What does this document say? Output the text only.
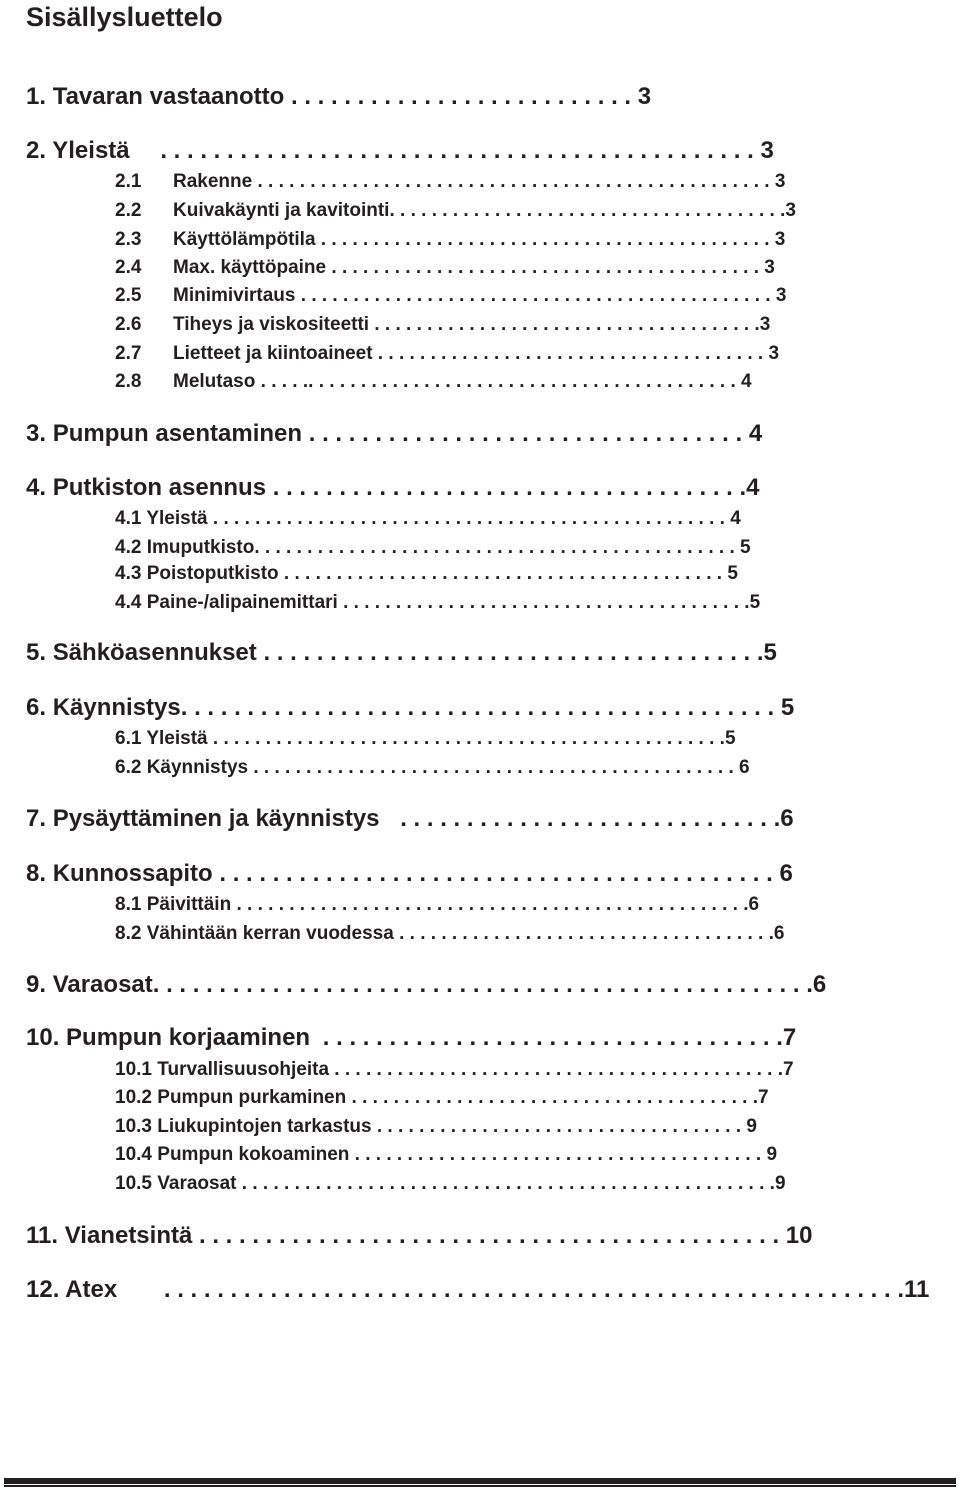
Sisällysluettelo
1. Tavaran vastaanotto . . . . . . . . . . . . . . . . . . . . . . . . . . 3
2. Yleistä . . . . . . . . . . . . . . . . . . . . . . . . . . . . . . . . . . . . . . . . . . . . . 3
2.1 Rakenne . . . . . . . . . . . . . . . . . . . . . . . . . . . . . . . . . . . . . . . . . . . . . . . . . 3
2.2 Kuivakäynti ja kavitointi. . . . . . . . . . . . . . . . . . . . . . . . . . . . . . . . . . . . . .3
2.3 Käyttölämpötila . . . . . . . . . . . . . . . . . . . . . . . . . . . . . . . . . . . . . . . . . . . 3
2.4 Max. käyttöpaine . . . . . . . . . . . . . . . . . . . . . . . . . . . . . . . . . . . . . . . . . 3
2.5 Minimivirtaus . . . . . . . . . . . . . . . . . . . . . . . . . . . . . . . . . . . . . . . . . . . . . 3
2.6 Tiheys ja viskositeetti . . . . . . . . . . . . . . . . . . . . . . . . . . . . . . . . . . . . .3
2.7 Lietteet ja kiintoaineet . . . . . . . . . . . . . . . . . . . . . . . . . . . . . . . . . . . . . 3
2.8 Melutaso . . . . .. . . . . . . . . . . . . . . . . . . . . . . . . . . . . . . . . . . . . . . . . 4
3. Pumpun asentaminen . . . . . . . . . . . . . . . . . . . . . . . . . . . . . . . . . 4
4. Putkiston asennus . . . . . . . . . . . . . . . . . . . . . . . . . . . . . . . . . . . .4
4.1 Yleistä . . . . . . . . . . . . . . . . . . . . . . . . . . . . . . . . . . . . . . . . . . . . . . . . . 4
4.2 Imuputkisto. . . . . . . . . . . . . . . . . . . . . . . . . . . . . . . . . . . . . . . . . . . . . . 5
4.3 Poistoputkisto . . . . . . . . . . . . . . . . . . . . . . . . . . . . . . . . . . . . . . . . . . 5
4.4 Paine-/alipainemittari . . . . . . . . . . . . . . . . . . . . . . . . . . . . . . . . . . . . . . .5
5. Sähköasennukset . . . . . . . . . . . . . . . . . . . . . . . . . . . . . . . . . . . . . .5
6. Käynnistys. . . . . . . . . . . . . . . . . . . . . . . . . . . . . . . . . . . . . . . . . . . . . 5
6.1 Yleistä . . . . . . . . . . . . . . . . . . . . . . . . . . . . . . . . . . . . . . . . . . . . . . . . .5
6.2 Käynnistys . . . . . . . . . . . . . . . . . . . . . . . . . . . . . . . . . . . . . . . . . . . . . . 6
7. Pysäyttäminen ja käynnistys . . . . . . . . . . . . . . . . . . . . . . . . . . . . .6
8. Kunnossapito . . . . . . . . . . . . . . . . . . . . . . . . . . . . . . . . . . . . . . . . . . 6
8.1 Päivittäin . . . . . . . . . . . . . . . . . . . . . . . . . . . . . . . . . . . . . . . . . . . . . . . . .6
8.2 Vähintään kerran vuodessa . . . . . . . . . . . . . . . . . . . . . . . . . . . . . . . . . . . .6
9. Varaosat. . . . . . . . . . . . . . . . . . . . . . . . . . . . . . . . . . . . . . . . . . . . . . . . . .6
10. Pumpun korjaaminen . . . . . . . . . . . . . . . . . . . . . . . . . . . . . . . . . . .7
10.1 Turvallisuusohjeita . . . . . . . . . . . . . . . . . . . . . . . . . . . . . . . . . . . . . . . . . . .7
10.2 Pumpun purkaminen . . . . . . . . . . . . . . . . . . . . . . . . . . . . . . . . . . . . . . .7
10.3 Liukupintojen tarkastus . . . . . . . . . . . . . . . . . . . . . . . . . . . . . . . . . . . 9
10.4 Pumpun kokoaminen . . . . . . . . . . . . . . . . . . . . . . . . . . . . . . . . . . . . . . . 9
10.5 Varaosat . . . . . . . . . . . . . . . . . . . . . . . . . . . . . . . . . . . . . . . . . . . . . . . . . . .9
11. Vianetsintä . . . . . . . . . . . . . . . . . . . . . . . . . . . . . . . . . . . . . . . . . . . . 10
12. Atex . . . . . . . . . . . . . . . . . . . . . . . . . . . . . . . . . . . . . . . . . . . . . . . . . . . . . . . .11
